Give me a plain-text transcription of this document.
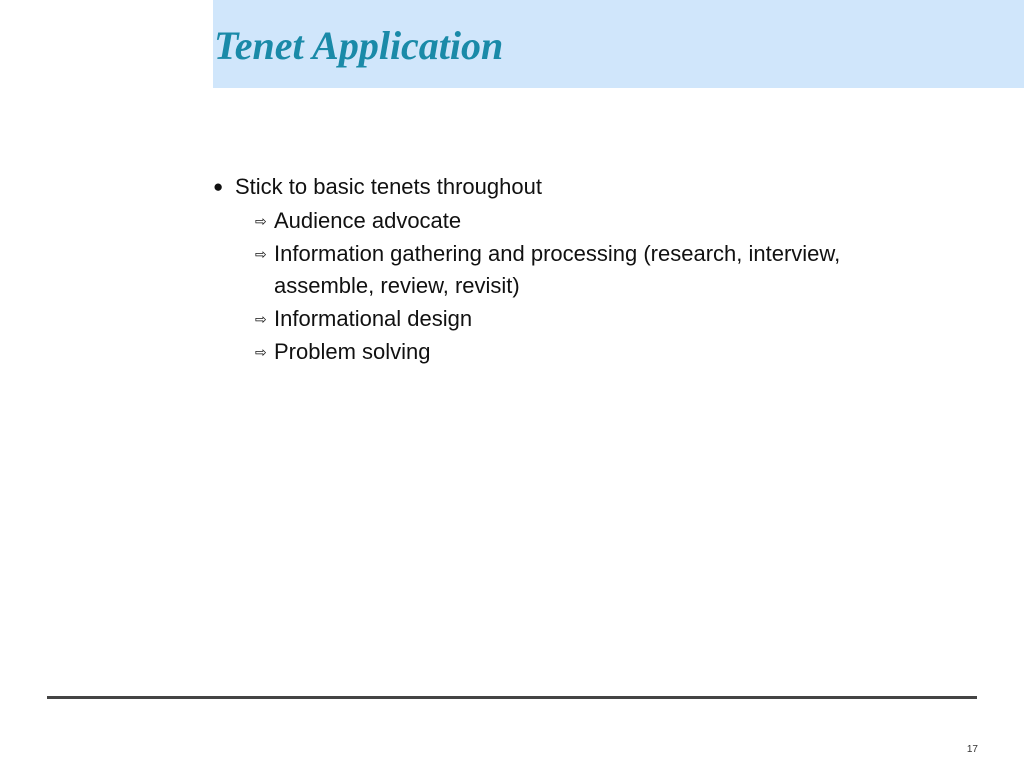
Tenet Application
● Stick to basic tenets throughout
⇨ Audience advocate
⇨ Information gathering and processing (research, interview, assemble, review, revisit)
⇨ Informational design
⇨ Problem solving
17
